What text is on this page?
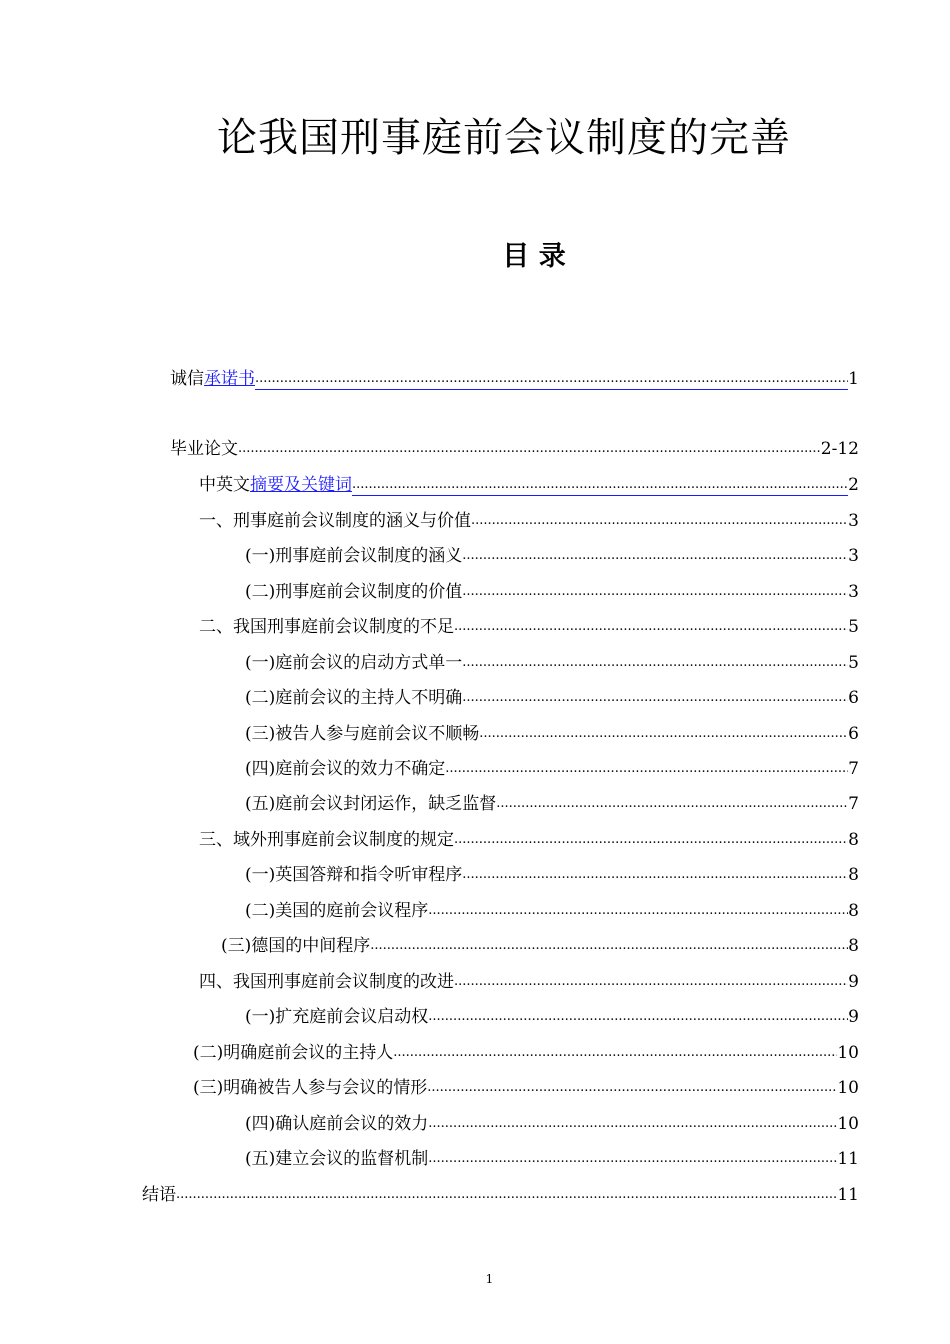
论我国刑事庭前会议制度的完善
目 录
诚信 承诺书 .....	1
毕业论文 .....	2-12
中英文 摘要及关键词 .....	2
一、刑事庭前会议制度的涵义与价值 .....	3
(一)刑事庭前会议制度的涵义 .....	3
(二)刑事庭前会议制度的价值 .....	3
二、我国刑事庭前会议制度的不足 .....	5
(一)庭前会议的启动方式单一 .....	5
(二)庭前会议的主持人不明确 .....	6
(三)被告人参与庭前会议不顺畅 .....	6
(四)庭前会议的效力不确定 .....	7
(五)庭前会议封闭运作，缺乏监督 .....	7
三、域外刑事庭前会议制度的规定 .....	8
(一)英国答辩和指令听审程序 .....	8
(二)美国的庭前会议程序 .....	8
(三)德国的中间程序 .....	8
四、我国刑事庭前会议制度的改进 .....	9
(一)扩充庭前会议启动权 .....	9
(二)明确庭前会议的主持人 .....	10
(三)明确被告人参与会议的情形 .....	10
(四)确认庭前会议的效力 .....	10
(五)建立会议的监督机制 .....	11
结语 .....	11
1
